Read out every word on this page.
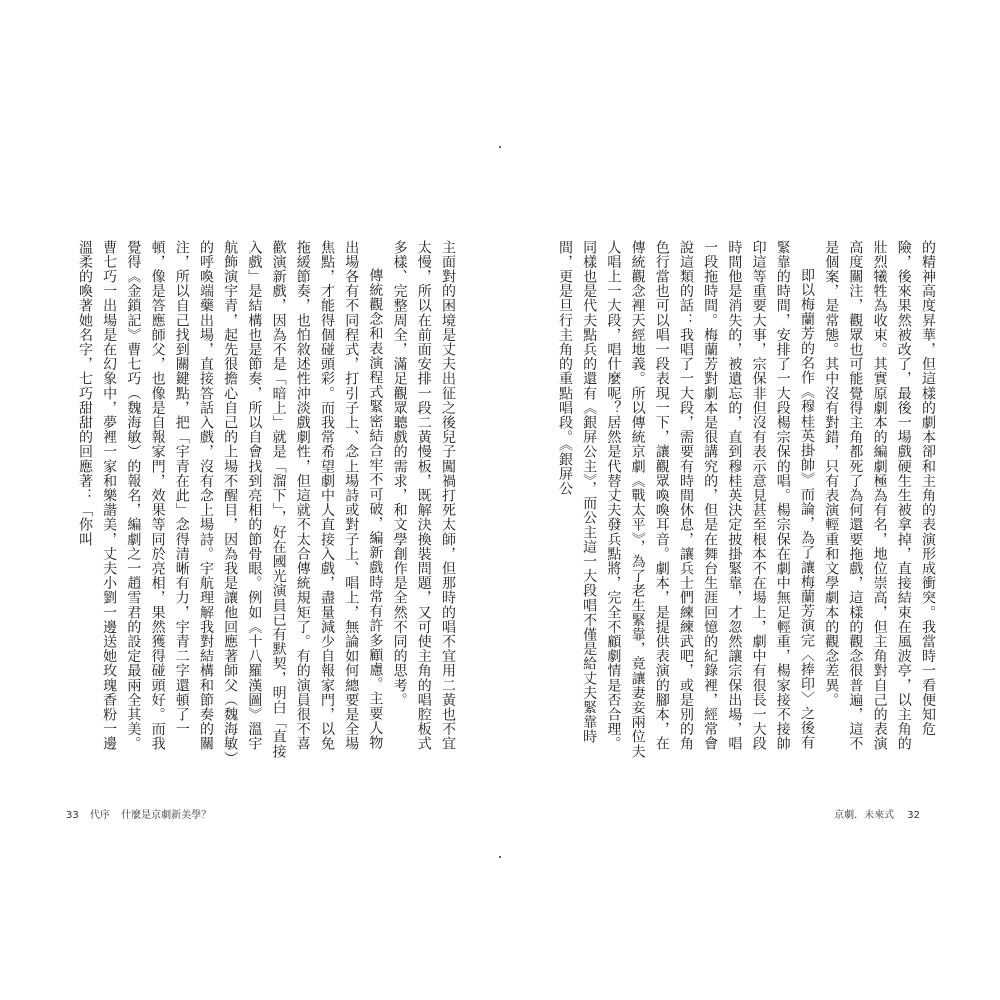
主面對的困境是丈夫出征之後兒子闖禍打死太師，但那時的唱不宜用二黃也不宜太慢，所以在前面安排一段二黃慢板，既解決換裝問題，又可使主角的唱腔板式多樣、完整周全，滿足觀眾聽戲的需求，和文學創作是全然不同的思考。

傳統觀念和表演程式緊密結合牢不可破，編新戲時常有許多顧慮。主要人物出場各有不同程式，打引子上、念上場詩或對子上、唱上，無論如何總要是全場焦點，才能得個碰頭彩。而我常希望劇中人直接入戲，盡量減少自報家門，以免拖緩節奏，也怕敘述性沖淡戲劇性，但這就不太合傳統規矩了。有的演員很不喜歡演新戲，因為不是「暗上」就是「溜下」，好在國光演員已有默契，明白「直接入戲」是結構也是節奏，所以自會找到亮相的節骨眼。例如《十八羅漢圖》溫宇航飾演宇青，起先很擔心自己的上場不醒目，因為我是讓他回應著師父（魏海敏）的呼喚端藥出場，直接答話入戲，沒有念上場詩。宇航理解我對結構和節奏的關注，所以自己找到關鍵點，把「宇青在此」念得清晰有力，宇青二字還頓了一頓，像是答應師父，也像是自報家門，效果等同於亮相，果然獲得碰頭好。而我覺得《金鎖記》曹七巧（魏海敏）的報名，編劇之一趙雪君的設定最兩全其美。曹七巧一出場是在幻象中，夢裡一家和樂諧美，丈夫小劉一邊送她玫瑰香粉一邊溫柔的喚著她名字，七巧甜甜的回應著：「你叫

33 代序 什麼是京劇新美學？

的精神高度昇華，但這樣的劇本卻和主角的表演形成衝突。我當時一看便知危險，後來果然被改了，最後一場戲硬生生被拿掉，直接結束在風波亭，以主角的壯烈犧牲為收束。其實原劇本的編劇極為有名，地位崇高，但主角對自己的表演高度關注，觀眾也可能覺得主角都死了為何還要拖戲，這樣的觀念很普遍，這不是個案，是常態。其中沒有對錯，只有表演輕重和文學劇本的觀念差異。

即以梅蘭芳的名作《穆桂英掛帥》而論，為了讓梅蘭芳演完〈捧印〉之後有緊靠的時間，安排了一大段楊宗保的唱。楊宗保在劇中無足輕重，楊家接不接帥印這等重要大事，宗保非但沒有表示意見甚至根本不在場上，劇中有很長一大段時間他是消失的，被遺忘的，直到穆桂英決定披掛緊靠，才忽然讓宗保出場，唱一段拖時間。梅蘭芳對劇本是很講究的，但是在舞台生涯回憶的紀錄裡，經常會說這類的話：我唱了一大段，需要有時間休息，讓兵士們練練武吧，或是別的角色行當也可以唱一段表現一下，讓觀眾喚喚耳音。劇本，是提供表演的腳本，在傳統觀念裡天經地義。所以傳統京劇《戰太平》，為了老生緊靠，竟讓妻妾兩位夫人唱上一大段，唱什麼呢？居然是代替丈夫發兵點將，完全不顧劇情是否合理。同樣也是代夫點兵的還有《銀屏公主》，而公主這一大段唱不僅是給丈夫緊靠時間，更是旦行主角的重點唱段。《銀屏公

京劇．未來式 32
